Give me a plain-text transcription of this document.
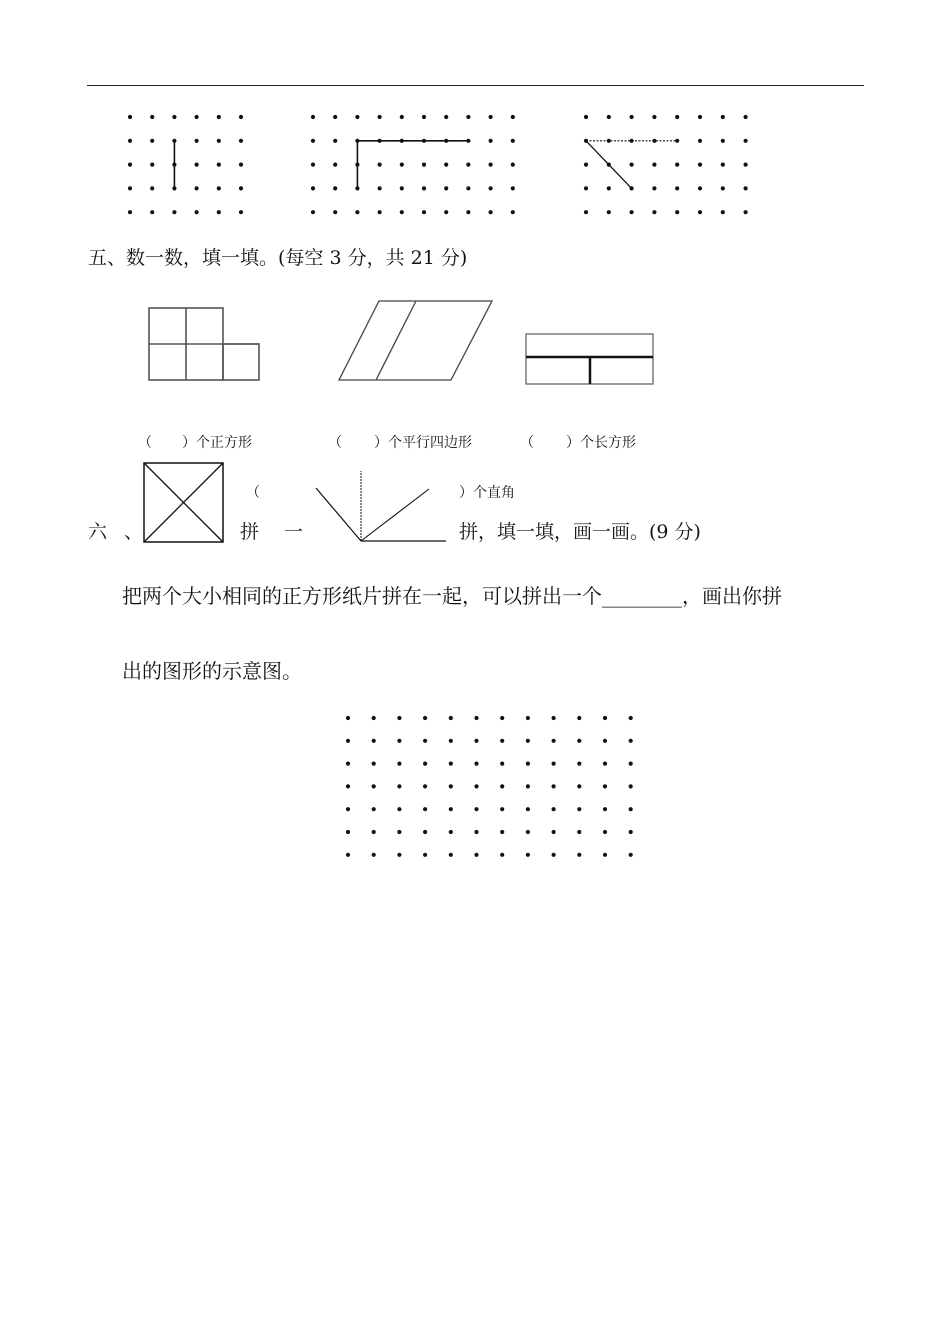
五、数一数，填一填。(每空 3 分，共 21 分)
（ ）个正方形	（ ）个平行四边形	（ ）个长方形
（	）个直角
六 、	拼 一	拼，填一填，画一画。(9 分)
把两个大小相同的正方形纸片拼在一起，可以拼出一个________，画出你拼
出的图形的示意图。
